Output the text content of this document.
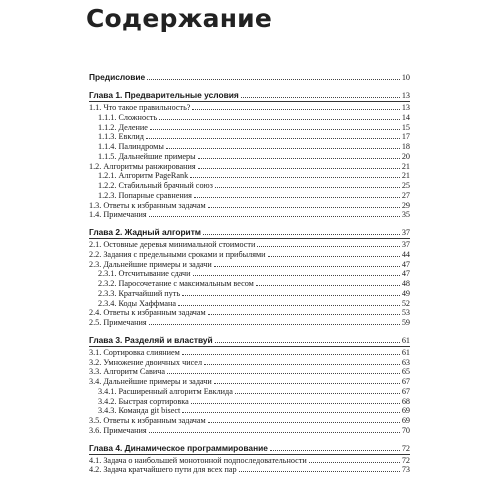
Содержание
Предисловие	10
Глава 1. Предварительные условия	13
1.1. Что такое правильность?	13
1.1.1. Сложность	14
1.1.2. Деление	15
1.1.3. Евклид	17
1.1.4. Палиндромы	18
1.1.5. Дальнейшие примеры	20
1.2. Алгоритмы ранжирования	21
1.2.1. Алгоритм PageRank	21
1.2.2. Стабильный брачный союз	25
1.2.3. Попарные сравнения	27
1.3. Ответы к избранным задачам	29
1.4. Примечания	35
Глава 2. Жадный алгоритм	37
2.1. Остовные деревья минимальной стоимости	37
2.2. Задания с предельными сроками и прибылями	44
2.3. Дальнейшие примеры и задачи	47
2.3.1. Отсчитывание сдачи	47
2.3.2. Паросочетание с максимальным весом	48
2.3.3. Кратчайший путь	49
2.3.4. Коды Хаффмана	52
2.4. Ответы к избранным задачам	53
2.5. Примечания	59
Глава 3. Разделяй и властвуй	61
3.1. Сортировка слиянием	61
3.2. Умножение двоичных чисел	63
3.3. Алгоритм Савича	65
3.4. Дальнейшие примеры и задачи	67
3.4.1. Расширенный алгоритм Евклида	67
3.4.2. Быстрая сортировка	68
3.4.3. Команда git bisect	69
3.5. Ответы к избранным задачам	69
3.6. Примечания	70
Глава 4. Динамическое программирование	72
4.1. Задача о наибольшей монотонной подпоследовательности	72
4.2. Задача кратчайшего пути для всех пар	73
